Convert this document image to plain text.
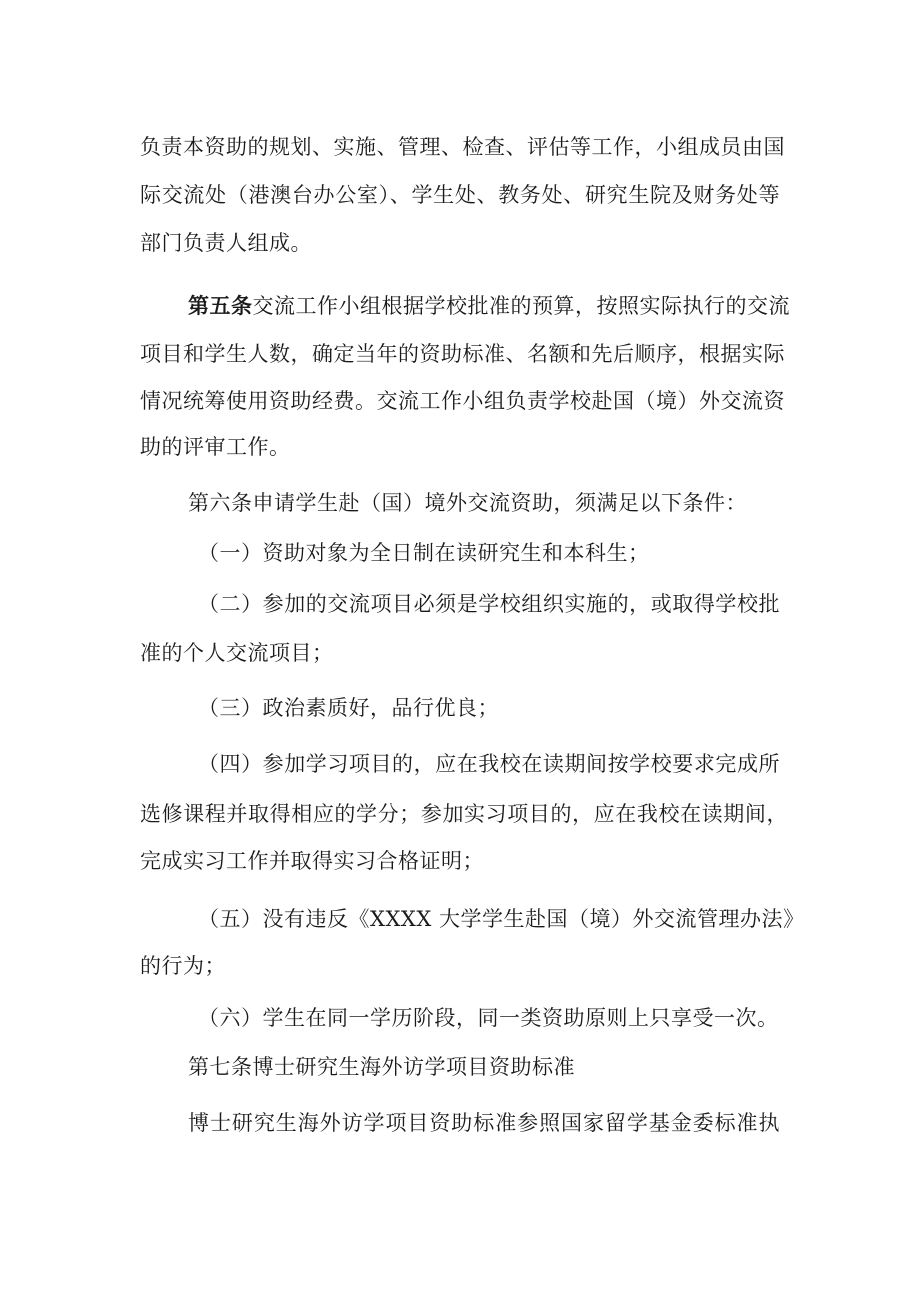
负责本资助的规划、实施、管理、检查、评估等工作，小组成员由国
际交流处（港澳台办公室）、学生处、教务处、研究生院及财务处等
部门负责人组成。
第五条交流工作小组根据学校批准的预算，按照实际执行的交流
项目和学生人数，确定当年的资助标准、名额和先后顺序，根据实际
情况统筹使用资助经费。交流工作小组负责学校赴国（境）外交流资
助的评审工作。
第六条申请学生赴（国）境外交流资助，须满足以下条件：
（一）资助对象为全日制在读研究生和本科生；
（二）参加的交流项目必须是学校组织实施的，或取得学校批
准的个人交流项目；
（三）政治素质好，品行优良；
（四）参加学习项目的，应在我校在读期间按学校要求完成所
选修课程并取得相应的学分；参加实习项目的，应在我校在读期间，
完成实习工作并取得实习合格证明；
（五）没有违反《XXXX 大学学生赴国（境）外交流管理办法》
的行为；
（六）学生在同一学历阶段，同一类资助原则上只享受一次。
第七条博士研究生海外访学项目资助标准
博士研究生海外访学项目资助标准参照国家留学基金委标准执
